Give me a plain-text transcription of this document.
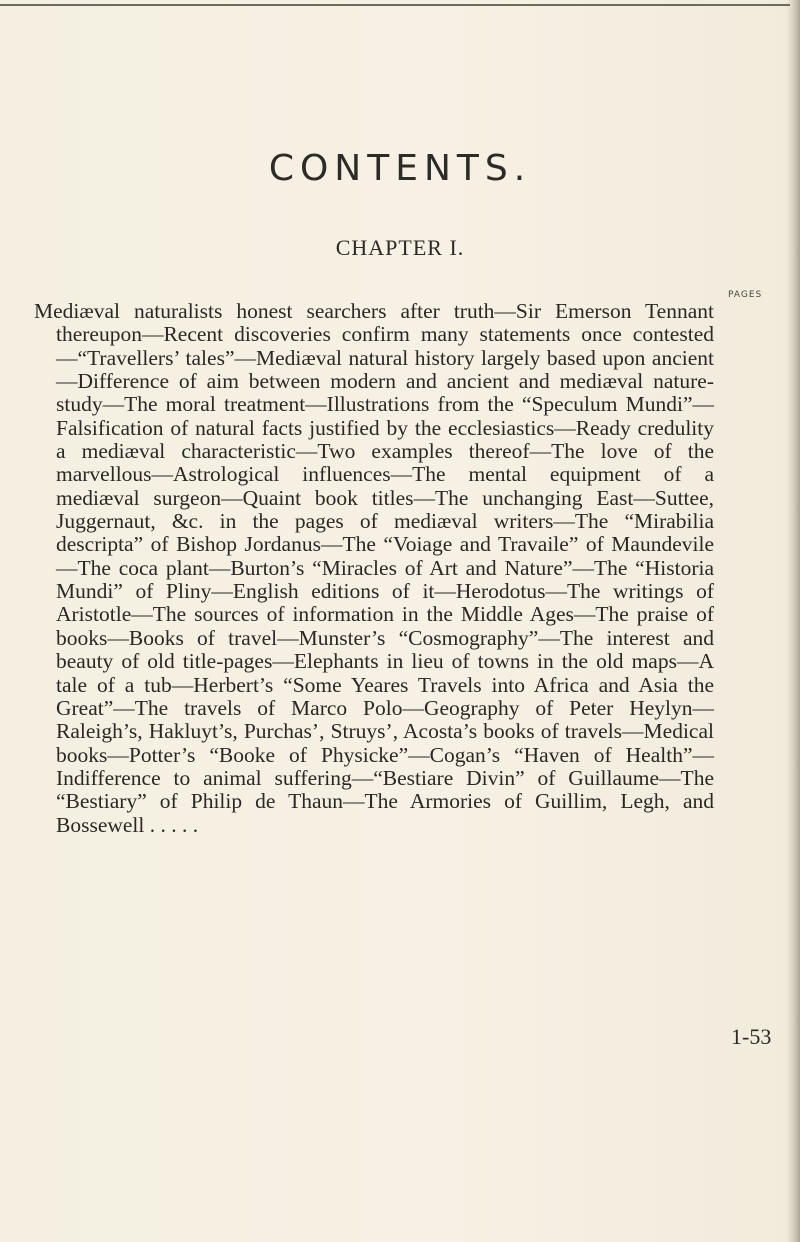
CONTENTS.
CHAPTER I.
PAGES

Mediæval naturalists honest searchers after truth—Sir Emerson Tennant thereupon—Recent discoveries confirm many statements once contested—“Travellers’ tales”—Mediæval natural history largely based upon ancient—Difference of aim between modern and ancient and mediæval nature-study—The moral treatment—Illustrations from the “Speculum Mundi”—Falsification of natural facts justified by the ecclesiastics—Ready credulity a mediæval characteristic—Two examples thereof—The love of the marvellous—Astrological influences—The mental equipment of a mediæval surgeon—Quaint book titles—The unchanging East—Suttee, Juggernaut, &c. in the pages of mediæval writers—The “Mirabilia descripta” of Bishop Jordanus—The “Voiage and Travaile” of Maundevile—The coca plant—Burton’s “Miracles of Art and Nature”—The “Historia Mundi” of Pliny—English editions of it—Herodotus—The writings of Aristotle—The sources of information in the Middle Ages—The praise of books—Books of travel—Munster’s “Cosmography”—The interest and beauty of old title-pages—Elephants in lieu of towns in the old maps—A tale of a tub—Herbert’s “Some Yeares Travels into Africa and Asia the Great”—The travels of Marco Polo—Geography of Peter Heylyn—Raleigh’s, Hakluyt’s, Purchas’, Struys’, Acosta’s books of travels—Medical books—Potter’s “Booke of Physicke”—Cogan’s “Haven of Health”—Indifference to animal suffering—“Bestiare Divin” of Guillaume—The “Bestiary” of Philip de Thaun—The Armories of Guillim, Legh, and Bossewell . . . . .

1-53
